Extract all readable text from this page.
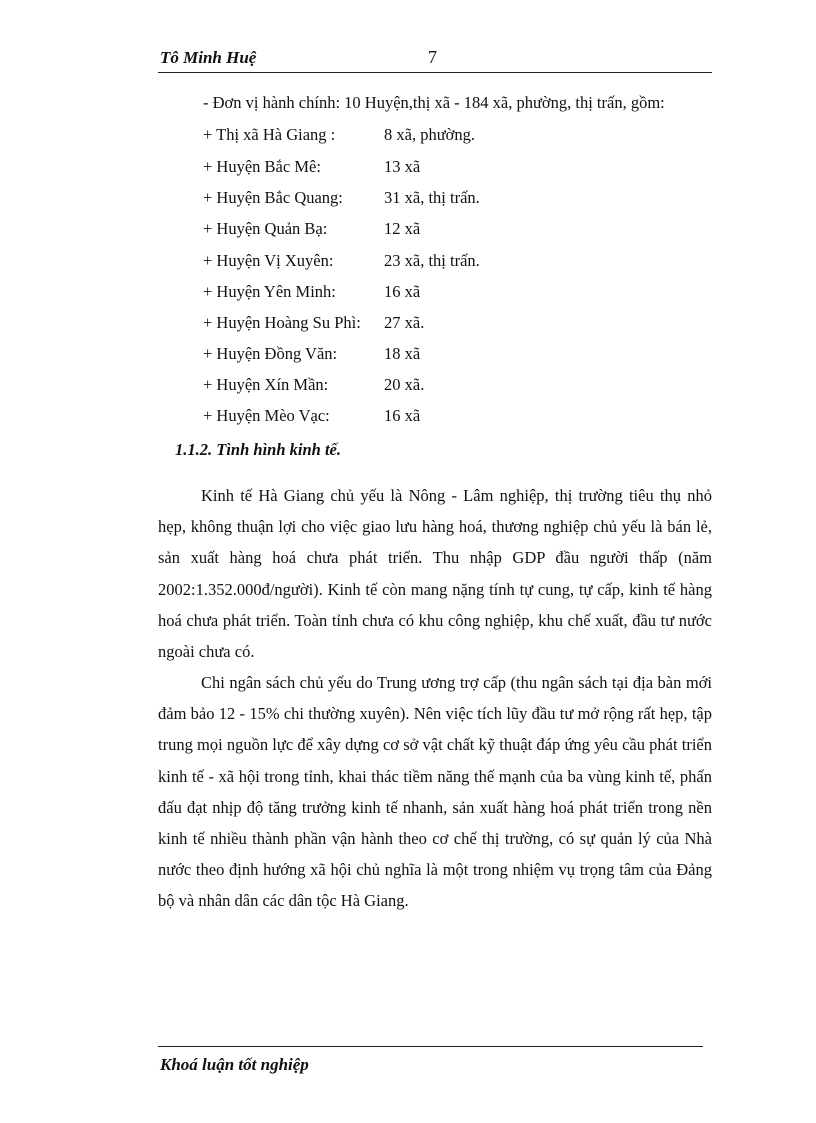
Tô Minh Huệ	7
- Đơn vị hành chính: 10 Huyện,thị xã - 184 xã, phường, thị trấn, gồm:
+ Thị xã Hà Giang :	8 xã, phường.
+ Huyện Bắc Mê:	13 xã
+ Huyện Bắc Quang: 31 xã, thị trấn.
+ Huyện Quản Bạ:	12 xã
+ Huyện Vị Xuyên:	23 xã, thị trấn.
+ Huyện Yên Minh:	16 xã
+ Huyện Hoàng Su Phì: 27 xã.
+ Huyện Đồng Văn:	18 xã
+ Huyện Xín Mần:	20 xã.
+ Huyện Mèo Vạc:	16 xã
1.1.2. Tình hình kinh tế.

Kinh tế Hà Giang chủ yếu là Nông - Lâm nghiệp, thị trường tiêu thụ nhỏ hẹp, không thuận lợi cho việc giao lưu hàng hoá, thương nghiệp chủ yếu là bán lẻ, sản xuất hàng hoá chưa phát triển. Thu nhập GDP đầu người thấp (năm 2002:1.352.000đ/người). Kinh tế còn mang nặng tính tự cung, tự cấp, kinh tế hàng hoá chưa phát triển. Toàn tỉnh chưa có khu công nghiệp, khu chế xuất, đầu tư nước ngoài chưa có.

Chi ngân sách chủ yếu do Trung ương trợ cấp (thu ngân sách tại địa bàn mới đảm bảo 12 - 15% chi thường xuyên). Nên việc tích lũy đầu tư mở rộng rất hẹp, tập trung mọi nguồn lực để xây dựng cơ sở vật chất kỹ thuật đáp ứng yêu cầu phát triển kinh tế - xã hội trong tỉnh, khai thác tiềm năng thế mạnh của ba vùng kinh tế, phấn đấu đạt nhịp độ tăng trưởng kinh tế nhanh, sản xuất hàng hoá phát triển trong nền kinh tế nhiều thành phần vận hành theo cơ chế thị trường, có sự quản lý của Nhà nước theo định hướng xã hội chủ nghĩa là một trong nhiệm vụ trọng tâm của Đảng bộ và nhân dân các dân tộc Hà Giang.

Khoá luận tốt nghiệp
